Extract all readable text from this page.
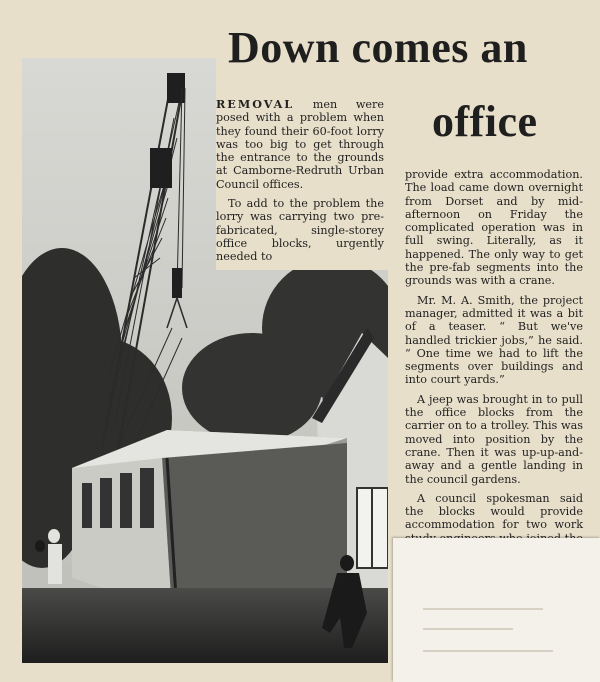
Down comes an
office

REMOVAL men were posed with a problem when they found their 60-foot lorry was too big to get through the entrance to the grounds at Camborne-Redruth Urban Council offices.

To add to the problem the lorry was carrying two pre-fabricated, single-storey office blocks, urgently needed to

provide extra accommodation. The load came down overnight from Dorset and by mid-afternoon on Friday the complicated operation was in full swing. Literally, as it happened. The only way to get the pre-fab segments into the grounds was with a crane.

Mr. M. A. Smith, the project manager, admitted it was a bit of a teaser. “ But we've handled trickier jobs,” he said. “ One time we had to lift the segments over buildings and into court yards.”

A jeep was brought in to pull the office blocks from the carrier on to a trolley. This was moved into position by the crane. Then it was up-up-and-away and a gentle landing in the council gardens.

A council spokesman said the blocks would provide accommodation for two work
